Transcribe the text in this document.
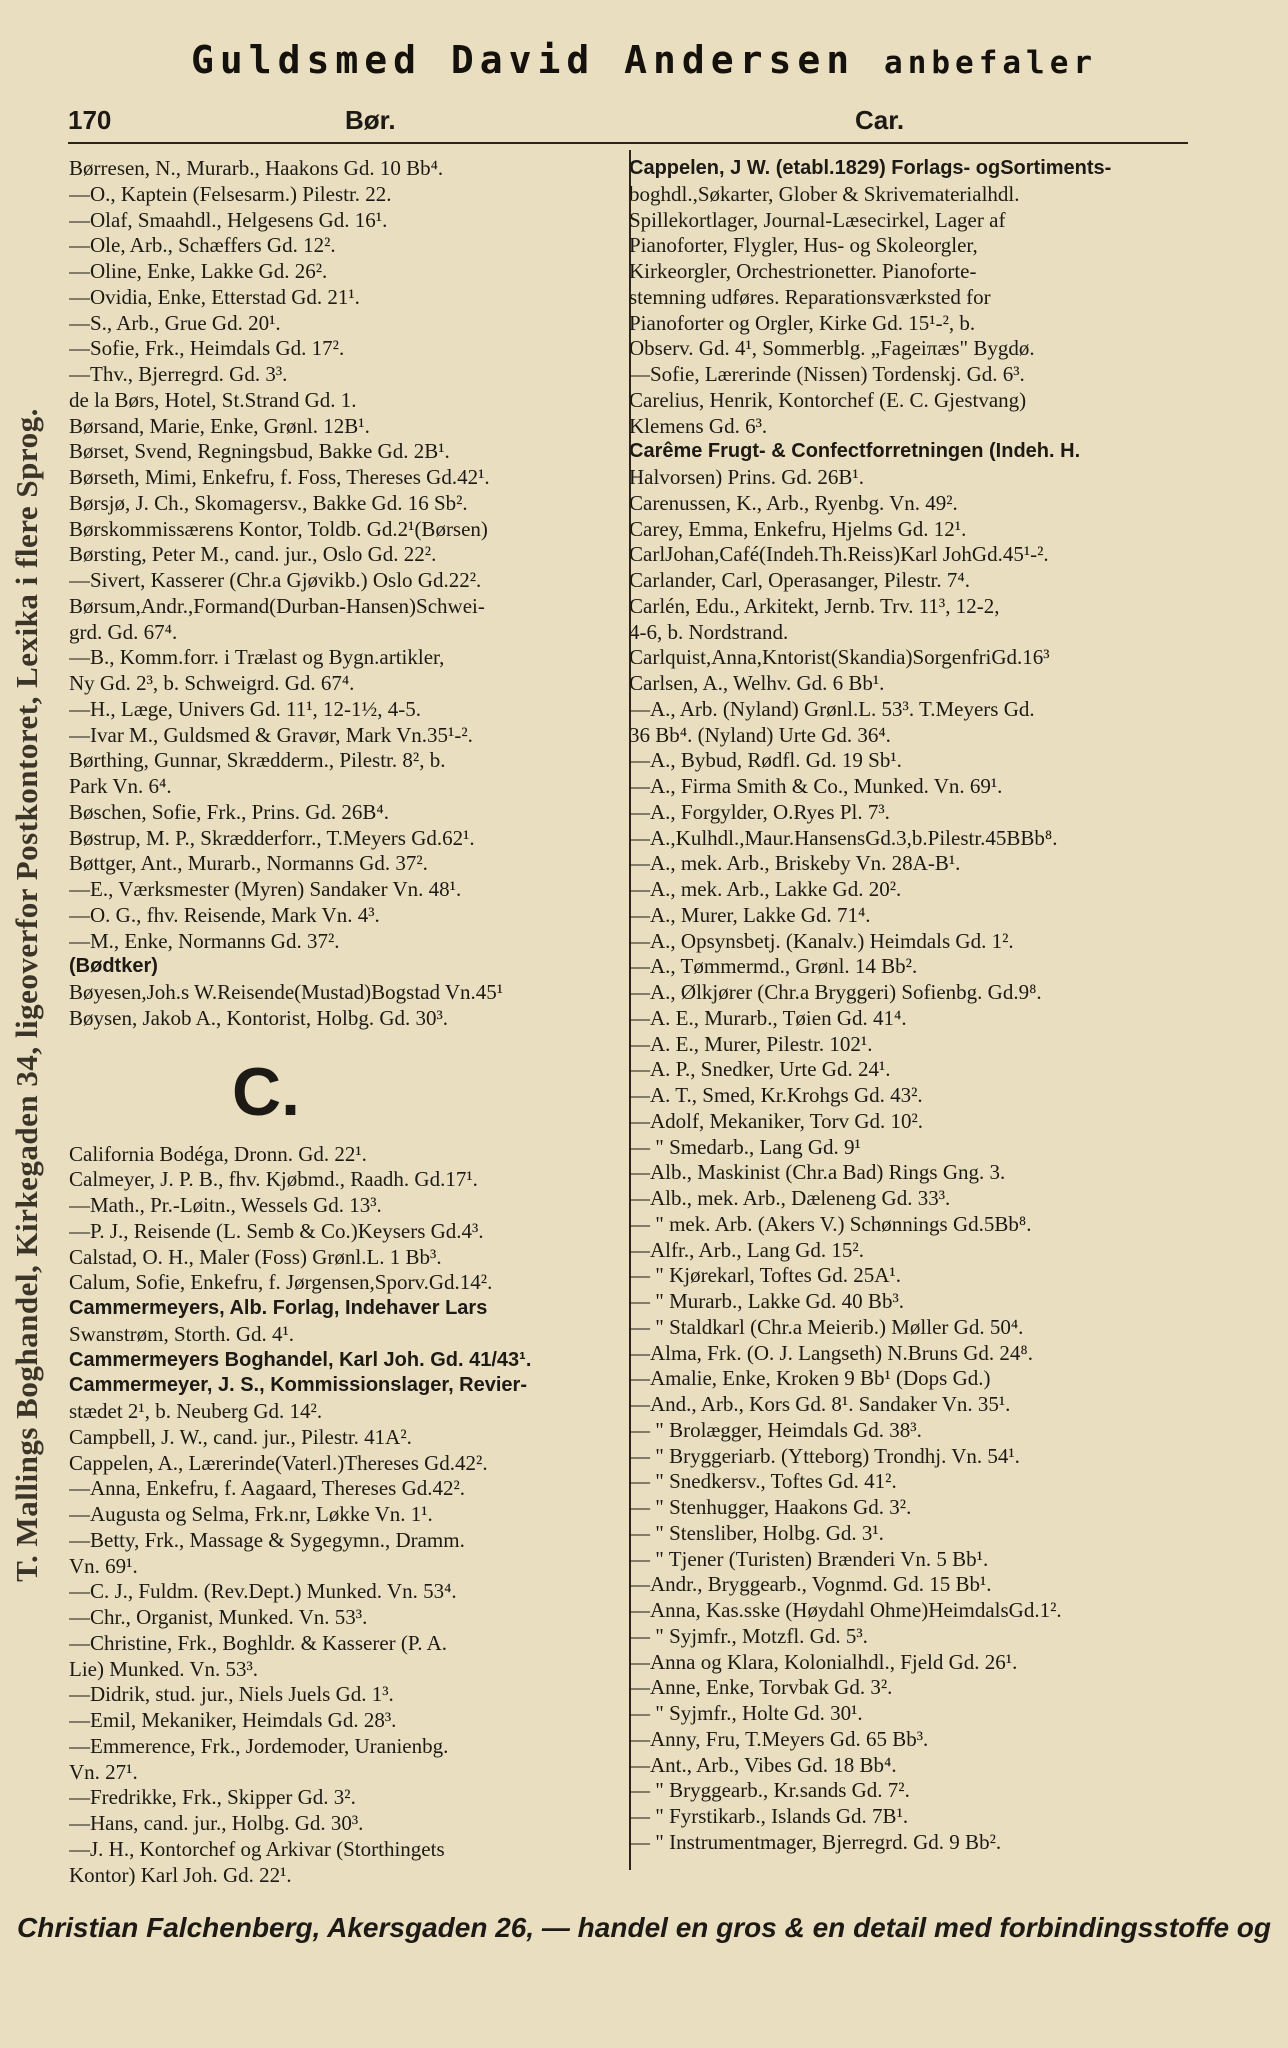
T. Mallings Boghandel, Kirkegaden 34, ligeoverfor Postkontoret, Lexika i flere Sprog.
Guldsmed David Andersen anbefaler
170	Bør.	Car.
Børresen, N., Murarb., Haakons Gd. 10 Bb⁴.
—O., Kaptein (Felsesarm.) Pilestr. 22.
—Olaf, Smaahdl., Helgesens Gd. 16¹.
—Ole, Arb., Schæffers Gd. 12².
—Oline, Enke, Lakke Gd. 26².
—Ovidia, Enke, Etterstad Gd. 21¹.
—S., Arb., Grue Gd. 20¹.
—Sofie, Frk., Heimdals Gd. 17².
—Thv., Bjerregrd. Gd. 3³.
de la Børs, Hotel, St.Strand Gd. 1.
Børsand, Marie, Enke, Grønl. 12B¹.
Børset, Svend, Regningsbud, Bakke Gd. 2B¹.
Børseth, Mimi, Enkefru, f. Foss, Thereses Gd.42¹.
Børsjø, J. Ch., Skomagersv., Bakke Gd. 16 Sb².
Børskommissærens Kontor, Toldb. Gd.2¹(Børsen)
Børsting, Peter M., cand. jur., Oslo Gd. 22².
—Sivert, Kasserer (Chr.a Gjøvikb.) Oslo Gd.22².
Børsum,Andr.,Formand(Durban-Hansen)Schwei-
grd. Gd. 67⁴.
—B., Komm.forr. i Trælast og Bygn.artikler,
Ny Gd. 2³, b. Schweigrd. Gd. 67⁴.
—H., Læge, Univers Gd. 11¹, 12-1½, 4-5.
—Ivar M., Guldsmed & Gravør, Mark Vn.35¹-².
Børthing, Gunnar, Skrædderm., Pilestr. 8², b.
Park Vn. 6⁴.
Bøschen, Sofie, Frk., Prins. Gd. 26B⁴.
Bøstrup, M. P., Skrædderforr., T.Meyers Gd.62¹.
Bøttger, Ant., Murarb., Normanns Gd. 37².
—E., Værksmester (Myren) Sandaker Vn. 48¹.
—O. G., fhv. Reisende, Mark Vn. 4³.
—M., Enke, Normanns Gd. 37².
(Bødtker)
Bøyesen,Joh.s W.Reisende(Mustad)Bogstad Vn.45¹
Bøysen, Jakob A., Kontorist, Holbg. Gd. 30³.
C.
California Bodéga, Dronn. Gd. 22¹.
Calmeyer, J. P. B., fhv. Kjøbmd., Raadh. Gd.17¹.
—Math., Pr.-Løitn., Wessels Gd. 13³.
—P. J., Reisende (L. Semb & Co.)Keysers Gd.4³.
Calstad, O. H., Maler (Foss) Grønl.L. 1 Bb³.
Calum, Sofie, Enkefru, f. Jørgensen,Sporv.Gd.14².
Cammermeyers, Alb. Forlag, Indehaver Lars
Swanstrøm, Storth. Gd. 4¹.
Cammermeyers Boghandel, Karl Joh. Gd. 41/43¹.
Cammermeyer, J. S., Kommissionslager, Revier-
stædet 2¹, b. Neuberg Gd. 14².
Campbell, J. W., cand. jur., Pilestr. 41A².
Cappelen, A., Lærerinde(Vaterl.)Thereses Gd.42².
—Anna, Enkefru, f. Aagaard, Thereses Gd.42².
—Augusta og Selma, Frk.nr, Løkke Vn. 1¹.
—Betty, Frk., Massage & Sygegymn., Dramm.
Vn. 69¹.
—C. J., Fuldm. (Rev.Dept.) Munked. Vn. 53⁴.
—Chr., Organist, Munked. Vn. 53³.
—Christine, Frk., Boghldr. & Kasserer (P. A.
Lie) Munked. Vn. 53³.
—Didrik, stud. jur., Niels Juels Gd. 1³.
—Emil, Mekaniker, Heimdals Gd. 28³.
—Emmerence, Frk., Jordemoder, Uranienbg.
Vn. 27¹.
—Fredrikke, Frk., Skipper Gd. 3².
—Hans, cand. jur., Holbg. Gd. 30³.
—J. H., Kontorchef og Arkivar (Storthingets
Kontor) Karl Joh. Gd. 22¹.
Cappelen, J W. (etabl.1829) Forlags- ogSortiments-
boghdl.,Søkarter, Glober & Skrivematerialhdl.
Spillekortlager, Journal-Læsecirkel, Lager af
Pianoforter, Flygler, Hus- og Skoleorgler,
Kirkeorgler, Orchestrionetter. Pianoforte-
stemning udføres. Reparationsværksted for
Pianoforter og Orgler, Kirke Gd. 15¹-², b.
Observ. Gd. 4¹, Sommerblg. „Fageiπæs" Bygdø.
—Sofie, Lærerinde (Nissen) Tordenskj. Gd. 6³.
Carelius, Henrik, Kontorchef (E. C. Gjestvang)
Klemens Gd. 6³.
Carême Frugt- & Confectforretningen (Indeh. H.
Halvorsen) Prins. Gd. 26B¹.
Carenussen, K., Arb., Ryenbg. Vn. 49².
Carey, Emma, Enkefru, Hjelms Gd. 12¹.
CarlJohan,Café(Indeh.Th.Reiss)Karl JohGd.45¹-².
Carlander, Carl, Operasanger, Pilestr. 7⁴.
Carlén, Edu., Arkitekt, Jernb. Trv. 11³, 12-2,
4-6, b. Nordstrand.
Carlquist,Anna,Kntorist(Skandia)SorgenfriGd.16³
Carlsen, A., Welhv. Gd. 6 Bb¹.
—A., Arb. (Nyland) Grønl.L. 53³. T.Meyers Gd.
36 Bb⁴. (Nyland) Urte Gd. 36⁴.
—A., Bybud, Rødfl. Gd. 19 Sb¹.
—A., Firma Smith & Co., Munked. Vn. 69¹.
—A., Forgylder, O.Ryes Pl. 7³.
—A.,Kulhdl.,Maur.HansensGd.3,b.Pilestr.45BBb⁸.
—A., mek. Arb., Briskeby Vn. 28A-B¹.
—A., mek. Arb., Lakke Gd. 20².
—A., Murer, Lakke Gd. 71⁴.
—A., Opsynsbetj. (Kanalv.) Heimdals Gd. 1².
—A., Tømmermd., Grønl. 14 Bb².
—A., Ølkjører (Chr.a Bryggeri) Sofienbg. Gd.9⁸.
—A. E., Murarb., Tøien Gd. 41⁴.
—A. E., Murer, Pilestr. 102¹.
—A. P., Snedker, Urte Gd. 24¹.
—A. T., Smed, Kr.Krohgs Gd. 43².
—Adolf, Mekaniker, Torv Gd. 10².
— " Smedarb., Lang Gd. 9¹
—Alb., Maskinist (Chr.a Bad) Rings Gng. 3.
—Alb., mek. Arb., Dæleneng Gd. 33³.
— " mek. Arb. (Akers V.) Schønnings Gd.5Bb⁸.
—Alfr., Arb., Lang Gd. 15².
— " Kjørekarl, Toftes Gd. 25A¹.
— " Murarb., Lakke Gd. 40 Bb³.
— " Staldkarl (Chr.a Meierib.) Møller Gd. 50⁴.
—Alma, Frk. (O. J. Langseth) N.Bruns Gd. 24⁸.
—Amalie, Enke, Kroken 9 Bb¹ (Dops Gd.)
—And., Arb., Kors Gd. 8¹. Sandaker Vn. 35¹.
— " Brolægger, Heimdals Gd. 38³.
— " Bryggeriarb. (Ytteborg) Trondhj. Vn. 54¹.
— " Snedkersv., Toftes Gd. 41².
— " Stenhugger, Haakons Gd. 3².
— " Stensliber, Holbg. Gd. 3¹.
— " Tjener (Turisten) Brænderi Vn. 5 Bb¹.
—Andr., Bryggearb., Vognmd. Gd. 15 Bb¹.
—Anna, Kas.sske (Høydahl Ohme)HeimdalsGd.1².
— " Syjmfr., Motzfl. Gd. 5³.
—Anna og Klara, Kolonialhdl., Fjeld Gd. 26¹.
—Anne, Enke, Torvbak Gd. 3².
— " Syjmfr., Holte Gd. 30¹.
—Anny, Fru, T.Meyers Gd. 65 Bb³.
—Ant., Arb., Vibes Gd. 18 Bb⁴.
— " Bryggearb., Kr.sands Gd. 7².
— " Fyrstikarb., Islands Gd. 7B¹.
— " Instrumentmager, Bjerregrd. Gd. 9 Bb².
Christian Falchenberg, Akersgaden 26, — handel en gros & en detail med forbindingsstoffe og
